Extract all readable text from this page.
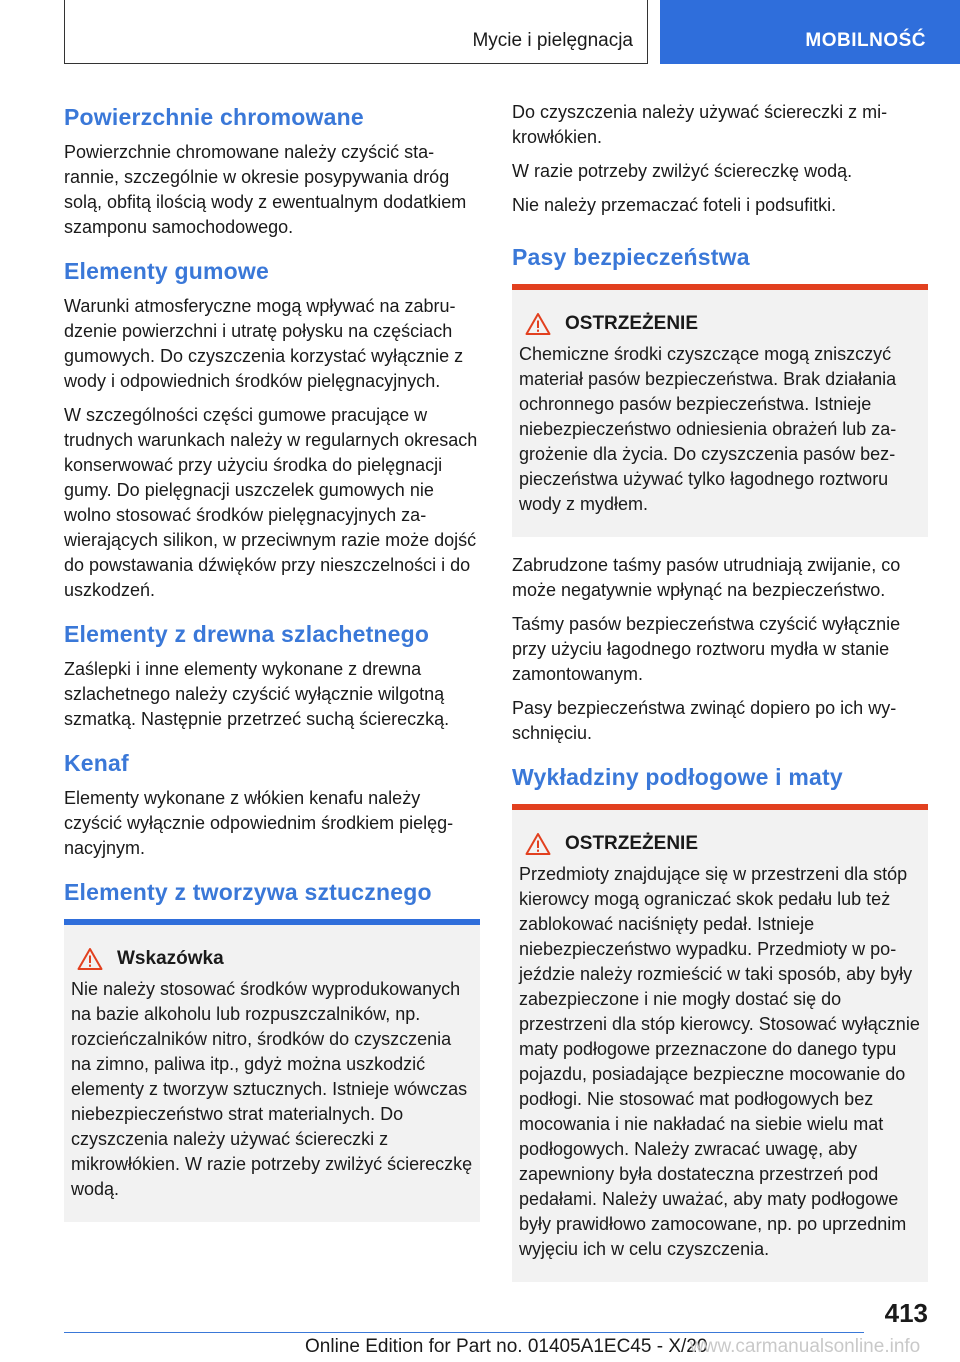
Mycie i pielęgnacja	MOBILNOŚĆ
Powierzchnie chromowane

Powierzchnie chromowane należy czyścić starannie, szczególnie w okresie posypywania dróg solą, obfitą ilością wody z ewentualnym dodatkiem szamponu samochodowego.

Elementy gumowe

Warunki atmosferyczne mogą wpływać na zabrudzenie powierzchni i utratę połysku na częściach gumowych. Do czyszczenia korzystać wyłącznie z wody i odpowiednich środków pielęgnacyjnych.

W szczególności części gumowe pracujące w trudnych warunkach należy w regularnych okresach konserwować przy użyciu środka do pielęgnacji gumy. Do pielęgnacji uszczelek gumowych nie wolno stosować środków pielęgnacyjnych zawierających silikon, w przeciwnym razie może dojść do powstawania dźwięków przy nieszczelności i do uszkodzeń.

Elementy z drewna szlachetnego

Zaślepki i inne elementy wykonane z drewna szlachetnego należy czyścić wyłącznie wilgotną szmatką. Następnie przetrzeć suchą ściereczką.

Kenaf

Elementy wykonane z włókien kenafu należy czyścić wyłącznie odpowiednim środkiem pielęgnacyjnym.

Elementy z tworzywa sztucznego
Wskazówka

Nie należy stosować środków wyprodukowanych na bazie alkoholu lub rozpuszczalników, np. rozcieńczalników nitro, środków do czyszczenia na zimno, paliwa itp., gdyż można uszkodzić elementy z tworzyw sztucznych. Istnieje wówczas niebezpieczeństwo strat materialnych. Do czyszczenia należy używać ściereczki z mikrowłókien. W razie potrzeby zwilżyć ściereczkę wodą.

Do czyszczenia należy używać ściereczki z mikrowłókien.

W razie potrzeby zwilżyć ściereczkę wodą.

Nie należy przemaczać foteli i podsufitki.

Pasy bezpieczeństwa
OSTRZEŻENIE

Chemiczne środki czyszczące mogą zniszczyć materiał pasów bezpieczeństwa. Brak działania ochronnego pasów bezpieczeństwa. Istnieje niebezpieczeństwo odniesienia obrażeń lub zagrożenie dla życia. Do czyszczenia pasów bezpieczeństwa używać tylko łagodnego roztworu wody z mydłem.

Zabrudzone taśmy pasów utrudniają zwijanie, co może negatywnie wpłynąć na bezpieczeństwo.

Taśmy pasów bezpieczeństwa czyścić wyłącznie przy użyciu łagodnego roztworu mydła w stanie zamontowanym.

Pasy bezpieczeństwa zwinąć dopiero po ich wyschnięciu.

Wykładziny podłogowe i maty
OSTRZEŻENIE

Przedmioty znajdujące się w przestrzeni dla stóp kierowcy mogą ograniczać skok pedału lub też zablokować naciśnięty pedał. Istnieje niebezpieczeństwo wypadku. Przedmioty w pojeździe należy rozmieścić w taki sposób, aby były zabezpieczone i nie mogły dostać się do przestrzeni dla stóp kierowcy. Stosować wyłącznie maty podłogowe przeznaczone do danego typu pojazdu, posiadające bezpieczne mocowanie do podłogi. Nie stosować mat podłogowych bez mocowania i nie nakładać na siebie wielu mat podłogowych. Należy zwracać uwagę, aby zapewniony była dostateczna przestrzeń pod pedałami. Należy uważać, aby maty podłogowe były prawidłowo zamocowane, np. po uprzednim wyjęciu ich w celu czyszczenia.

413
Online Edition for Part no. 01405A1EC45 - X/20
www.carmanualsonline.info
